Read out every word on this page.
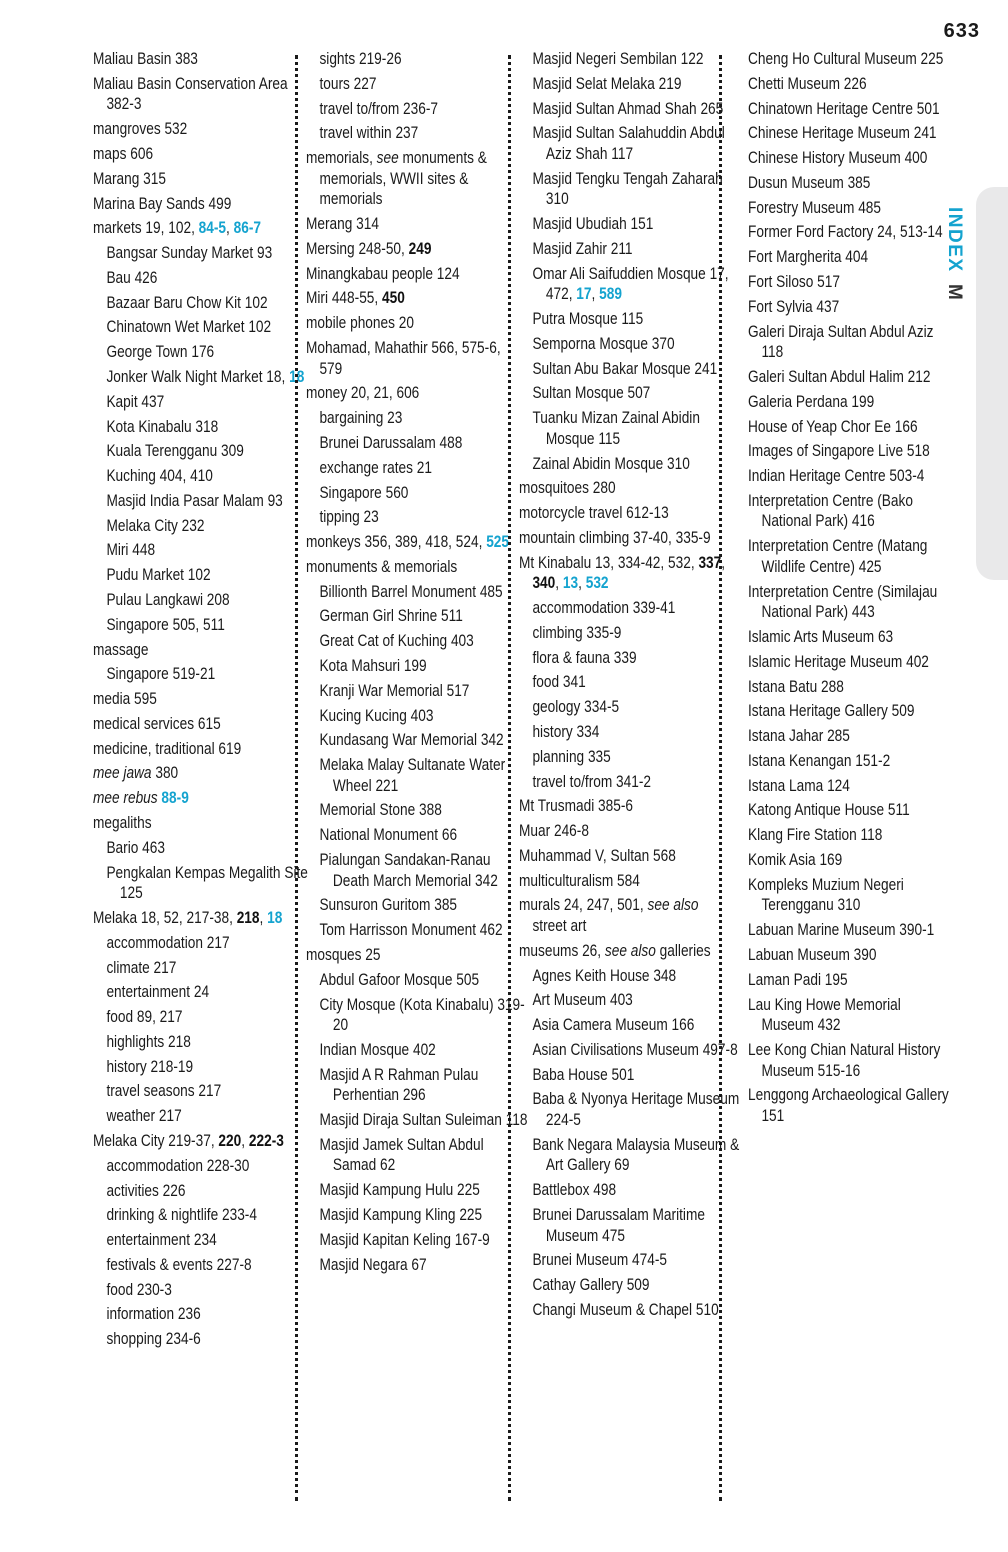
633
INDEX
M
Maliau Basin 383
Maliau Basin Conservation Area 382-3
mangroves 532
maps 606
Marang 315
Marina Bay Sands 499
markets 19, 102, 84-5, 86-7
Bangsar Sunday Market 93
Bau 426
Bazaar Baru Chow Kit 102
Chinatown Wet Market 102
George Town 176
Jonker Walk Night Market 18, 18
Kapit 437
Kota Kinabalu 318
Kuala Terengganu 309
Kuching 404, 410
Masjid India Pasar Malam 93
Melaka City 232
Miri 448
Pudu Market 102
Pulau Langkawi 208
Singapore 505, 511
massage
Singapore 519-21
media 595
medical services 615
medicine, traditional 619
mee jawa 380
mee rebus 88-9
megaliths
Bario 463
Pengkalan Kempas Megalith Site 125
Melaka 18, 52, 217-38, 218, 18
accommodation 217
climate 217
entertainment 24
food 89, 217
highlights 218
history 218-19
travel seasons 217
weather 217
Melaka City 219-37, 220, 222-3
accommodation 228-30
activities 226
drinking & nightlife 233-4
entertainment 234
festivals & events 227-8
food 230-3
information 236
shopping 234-6
sights 219-26
tours 227
travel to/from 236-7
travel within 237
memorials, see monuments & memorials, WWII sites & memorials
Merang 314
Mersing 248-50, 249
Minangkabau people 124
Miri 448-55, 450
mobile phones 20
Mohamad, Mahathir 566, 575-6, 579
money 20, 21, 606
bargaining 23
Brunei Darussalam 488
exchange rates 21
Singapore 560
tipping 23
monkeys 356, 389, 418, 524, 525
monuments & memorials
Billionth Barrel Monument 485
German Girl Shrine 511
Great Cat of Kuching 403
Kota Mahsuri 199
Kranji War Memorial 517
Kucing Kucing 403
Kundasang War Memorial 342
Melaka Malay Sultanate Water Wheel 221
Memorial Stone 388
National Monument 66
Pialungan Sandakan-Ranau Death March Memorial 342
Sunsuron Guritom 385
Tom Harrisson Monument 462
mosques 25
Abdul Gafoor Mosque 505
City Mosque (Kota Kinabalu) 319-20
Indian Mosque 402
Masjid A R Rahman Pulau Perhentian 296
Masjid Diraja Sultan Suleiman 118
Masjid Jamek Sultan Abdul Samad 62
Masjid Kampung Hulu 225
Masjid Kampung Kling 225
Masjid Kapitan Keling 167-9
Masjid Negara 67
Masjid Negeri Sembilan 122
Masjid Selat Melaka 219
Masjid Sultan Ahmad Shah 265
Masjid Sultan Salahuddin Abdul Aziz Shah 117
Masjid Tengku Tengah Zaharah 310
Masjid Ubudiah 151
Masjid Zahir 211
Omar Ali Saifuddien Mosque 17, 472, 17, 589
Putra Mosque 115
Semporna Mosque 370
Sultan Abu Bakar Mosque 241
Sultan Mosque 507
Tuanku Mizan Zainal Abidin Mosque 115
Zainal Abidin Mosque 310
mosquitoes 280
motorcycle travel 612-13
mountain climbing 37-40, 335-9
Mt Kinabalu 13, 334-42, 532, 337, 340, 13, 532
accommodation 339-41
climbing 335-9
flora & fauna 339
food 341
geology 334-5
history 334
planning 335
travel to/from 341-2
Mt Trusmadi 385-6
Muar 246-8
Muhammad V, Sultan 568
multiculturalism 584
murals 24, 247, 501, see also street art
museums 26, see also galleries
Agnes Keith House 348
Art Museum 403
Asia Camera Museum 166
Asian Civilisations Museum 497-8
Baba House 501
Baba & Nyonya Heritage Museum 224-5
Bank Negara Malaysia Museum & Art Gallery 69
Battlebox 498
Brunei Darussalam Maritime Museum 475
Brunei Museum 474-5
Cathay Gallery 509
Changi Museum & Chapel 510
Cheng Ho Cultural Museum 225
Chetti Museum 226
Chinatown Heritage Centre 501
Chinese Heritage Museum 241
Chinese History Museum 400
Dusun Museum 385
Forestry Museum 485
Former Ford Factory 24, 513-14
Fort Margherita 404
Fort Siloso 517
Fort Sylvia 437
Galeri Diraja Sultan Abdul Aziz 118
Galeri Sultan Abdul Halim 212
Galeria Perdana 199
House of Yeap Chor Ee 166
Images of Singapore Live 518
Indian Heritage Centre 503-4
Interpretation Centre (Bako National Park) 416
Interpretation Centre (Matang Wildlife Centre) 425
Interpretation Centre (Similajau National Park) 443
Islamic Arts Museum 63
Islamic Heritage Museum 402
Istana Batu 288
Istana Heritage Gallery 509
Istana Jahar 285
Istana Kenangan 151-2
Istana Lama 124
Katong Antique House 511
Klang Fire Station 118
Komik Asia 169
Kompleks Muzium Negeri Terengganu 310
Labuan Marine Museum 390-1
Labuan Museum 390
Laman Padi 195
Lau King Howe Memorial Museum 432
Lee Kong Chian Natural History Museum 515-16
Lenggong Archaeological Gallery 151
